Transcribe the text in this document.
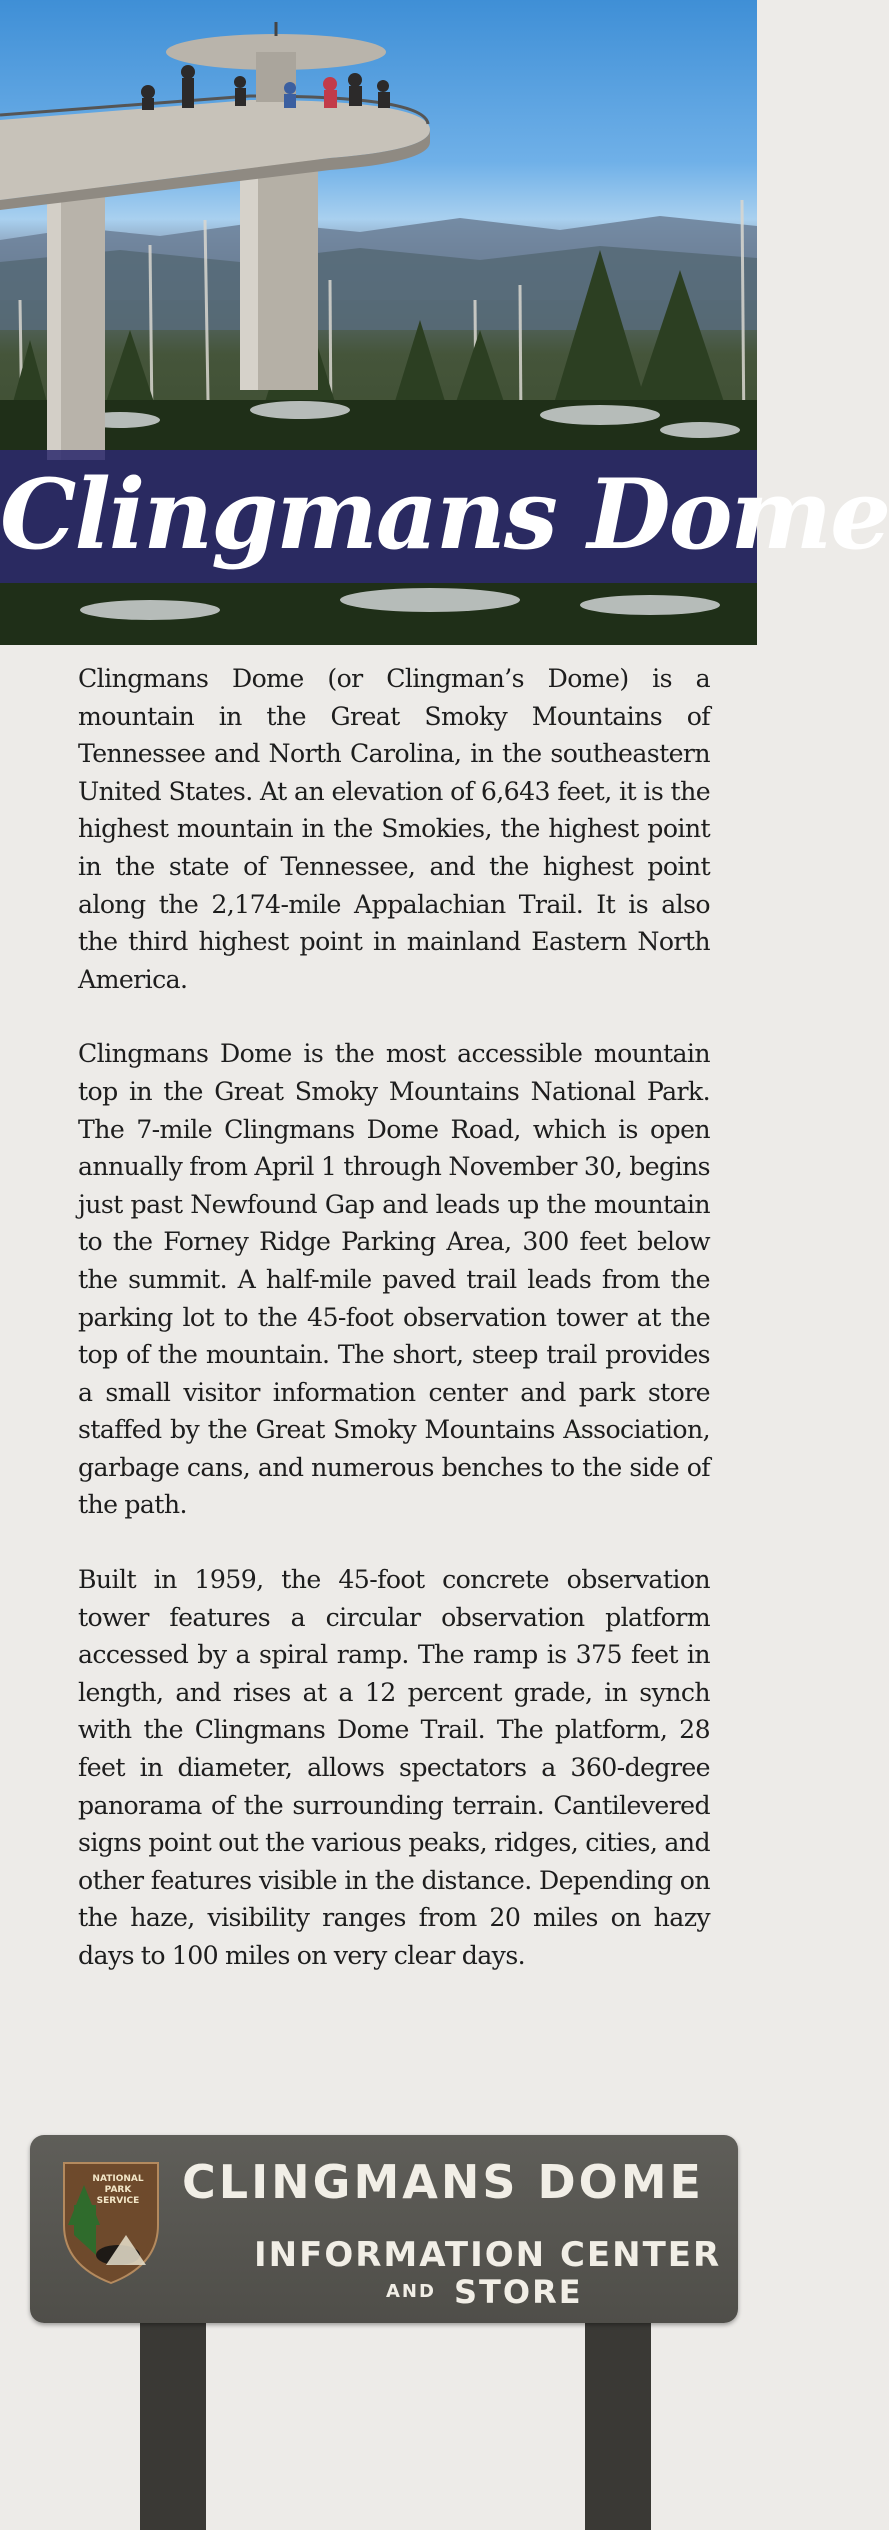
Clingmans Dome

Clingmans Dome (or Clingman’s Dome) is a mountain in the Great Smoky Mountains of Tennessee and North Carolina, in the southeastern United States. At an elevation of 6,643 feet, it is the highest mountain in the Smokies, the highest point in the state of Tennessee, and the highest point along the 2,174-mile Appalachian Trail. It is also the third highest point in mainland Eastern North America.

Clingmans Dome is the most accessible mountain top in the Great Smoky Mountains National Park. The 7-mile Clingmans Dome Road, which is open annually from April 1 through November 30, begins just past Newfound Gap and leads up the mountain to the Forney Ridge Parking Area, 300 feet below the summit. A half-mile paved trail leads from the parking lot to the 45-foot observation tower at the top of the mountain. The short, steep trail provides a small visitor information center and park store staffed by the Great Smoky Mountains Association, garbage cans, and numerous benches to the side of the path.

Built in 1959, the 45-foot concrete observation tower features a circular observation platform accessed by a spiral ramp. The ramp is 375 feet in length, and rises at a 12 percent grade, in synch with the Clingmans Dome Trail. The platform, 28 feet in diameter, allows spectators a 360-degree panorama of the surrounding terrain. Cantilevered signs point out the various peaks, ridges, cities, and other features visible in the distance. Depending on the haze, visibility ranges from 20 miles on hazy days to 100 miles on very clear days.

NATIONAL
PARK
SERVICE CLINGMANS DOME
INFORMATION CENTER
AND STORE
